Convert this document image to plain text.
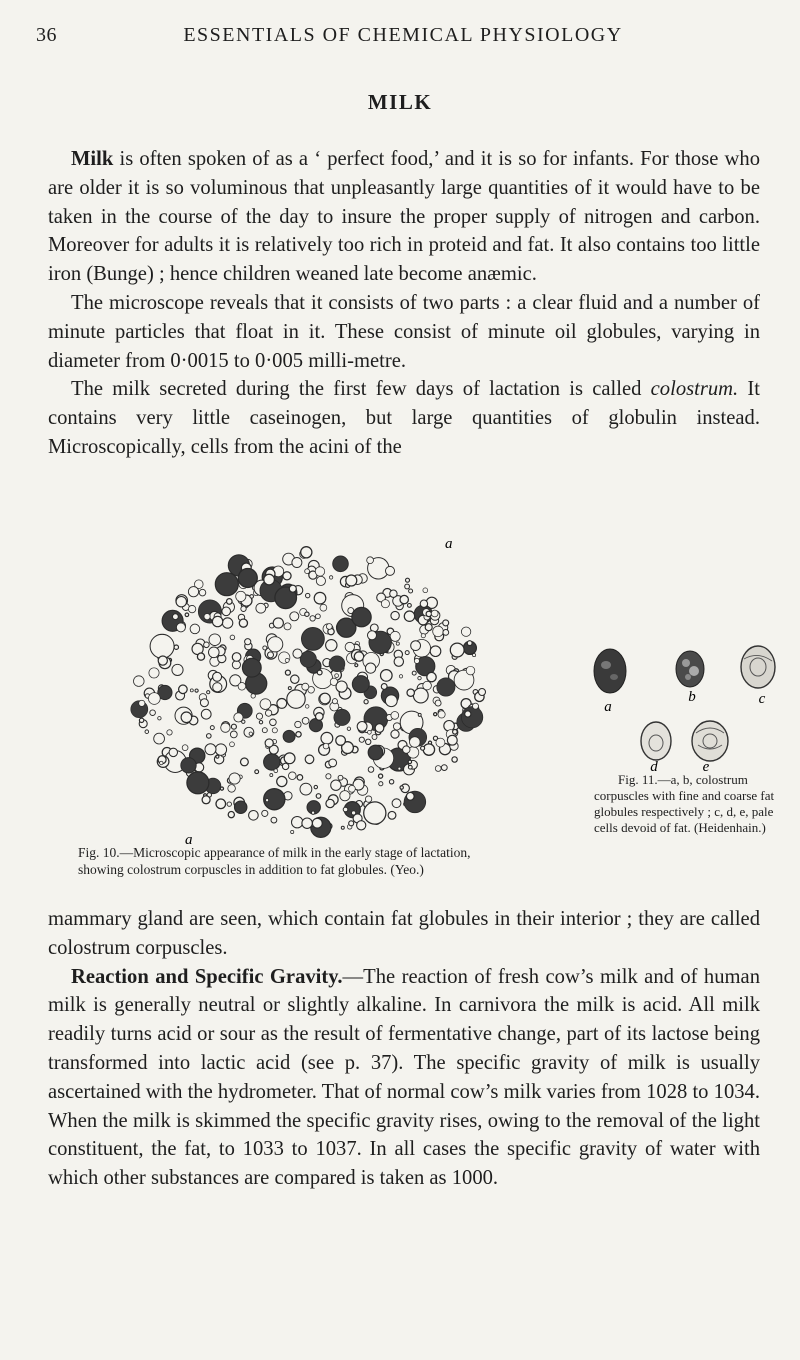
36	ESSENTIALS OF CHEMICAL PHYSIOLOGY
MILK

Milk is often spoken of as a ‘ perfect food,’ and it is so for infants. For those who are older it is so voluminous that unpleasantly large quantities of it would have to be taken in the course of the day to insure the proper supply of nitrogen and carbon. Moreover for adults it is relatively too rich in proteid and fat. It also contains too little iron (Bunge) ; hence children weaned late become anæmic.

The microscope reveals that it consists of two parts : a clear fluid and a number of minute particles that float in it. These consist of minute oil globules, varying in diameter from 0·0015 to 0·005 milli-metre.

The milk secreted during the first few days of lactation is called colostrum. It contains very little caseinogen, but large quantities of globulin instead. Microscopically, cells from the acini of the

a
a
Fig. 10.—Microscopic appearance of milk in the early stage of lactation, showing colostrum corpuscles in addition to fat globules. (Yeo.)
a
b	c
d	e
Fig. 11.—a, b, colostrum
corpuscles with fine and coarse fat globules respectively ; c, d, e, pale cells devoid of fat. (Heidenhain.)

mammary gland are seen, which contain fat globules in their interior ; they are called colostrum corpuscles.

Reaction and Specific Gravity.—The reaction of fresh cow’s milk and of human milk is generally neutral or slightly alkaline. In carnivora the milk is acid. All milk readily turns acid or sour as the result of fermentative change, part of its lactose being transformed into lactic acid (see p. 37). The specific gravity of milk is usually ascertained with the hydrometer. That of normal cow’s milk varies from 1028 to 1034. When the milk is skimmed the specific gravity rises, owing to the removal of the light constituent, the fat, to 1033 to 1037. In all cases the specific gravity of water with which other substances are compared is taken as 1000.
